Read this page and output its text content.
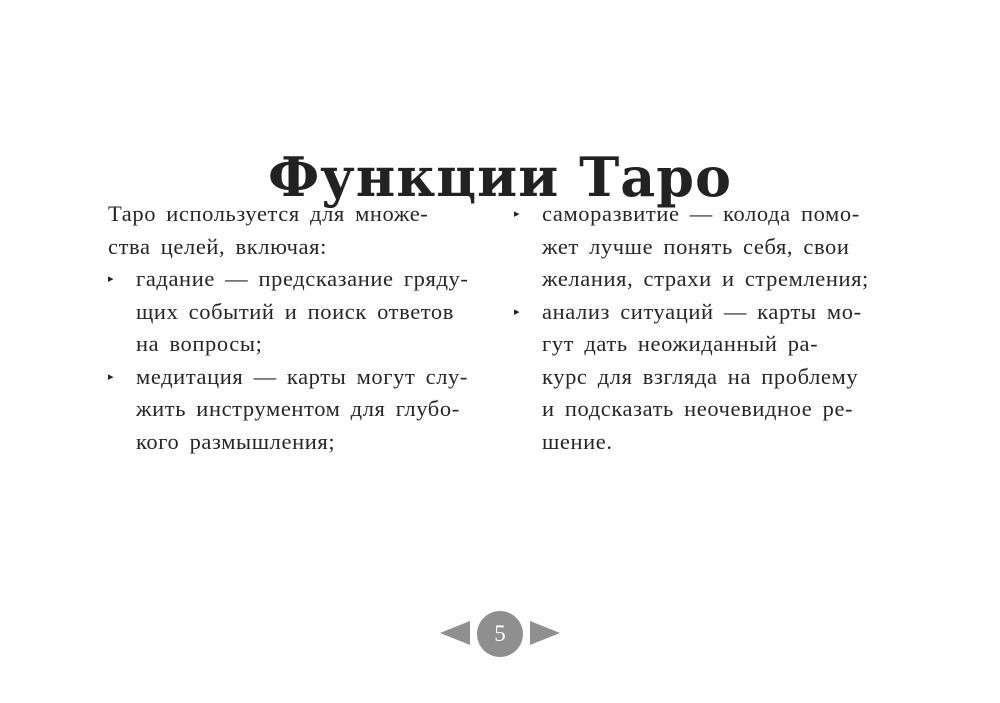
Функции Таро
Таро используется для множе-
ства целей, включая:
▸ гадание — предсказание гряду-
щих событий и поиск ответов
на вопросы;
▸ медитация — карты могут слу-
жить инструментом для глубо-
кого размышления;
▸ саморазвитие — колода помо-
жет лучше понять себя, свои
желания, страхи и стремления;
▸ анализ ситуаций — карты мо-
гут дать неожиданный ра-
курс для взгляда на проблему
и подсказать неочевидное ре-
шение.
5
